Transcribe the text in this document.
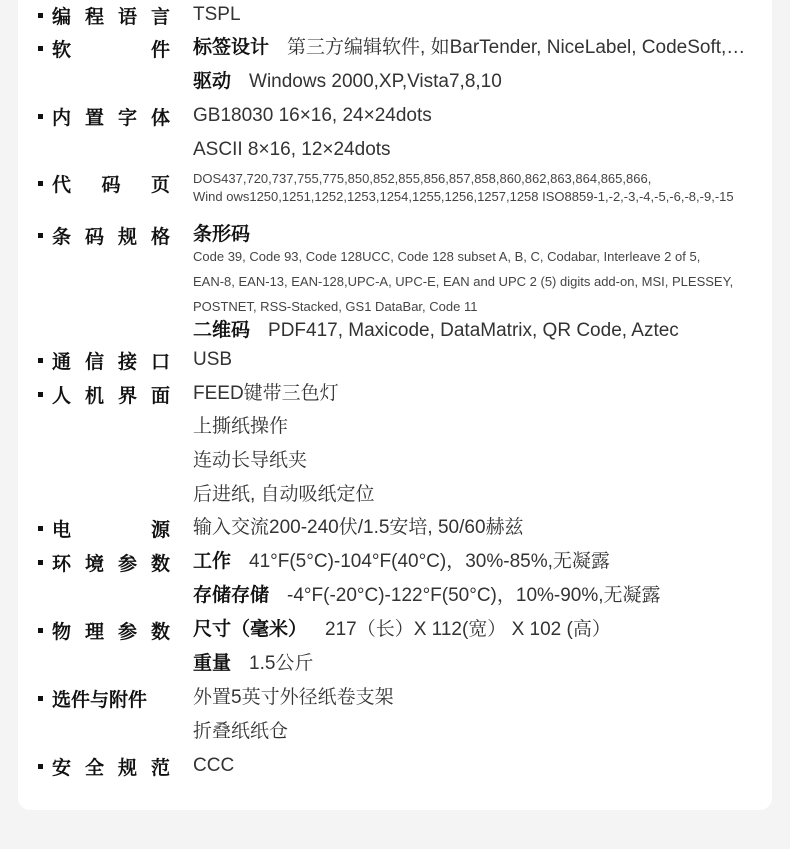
编 程 语 言 TSPL
软	件 标签设计 第三方编辑软件, 如BarTender, NiceLabel, CodeSoft,…
驱动 Windows 2000,XP,Vista7,8,10
内 置 字 体 GB18030 16×16, 24×24dots
ASCII 8×16, 12×24dots
代 码 页 DOS437,720,737,755,775,850,852,855,856,857,858,860,862,863,864,865,866,
Wind ows1250,1251,1252,1253,1254,1255,1256,1257,1258 ISO8859-1,-2,-3,-4,-5,-6,-8,-9,-15
条 码 规 格 条形码
Code 39, Code 93, Code 128UCC, Code 128 subset A, B, C, Codabar, Interleave 2 of 5,
EAN-8, EAN-13, EAN-128,UPC-A, UPC-E, EAN and UPC 2 (5) digits add-on, MSI, PLESSEY,
POSTNET, RSS-Stacked, GS1 DataBar, Code 11
二维码 PDF417, Maxicode, DataMatrix, QR Code, Aztec
通 信 接 口 USB
人 机 界 面 FEED键带三色灯
上撕纸操作
连动长导纸夹
后进纸, 自动吸纸定位
电	源 输入交流200-240伏/1.5安培, 50/60赫兹
环 境 参 数 工作 41°F(5°C)-104°F(40°C)，30%-85%,无凝露
存储存储 -4°F(-20°C)-122°F(50°C)，10%-90%,无凝露
物 理 参 数 尺寸（毫米） 217（长）X 112(宽） X 102 (高）
重量 1.5公斤
选件与附件	外置5英寸外径纸卷支架
折叠纸纸仓
安 全 规 范 CCC
